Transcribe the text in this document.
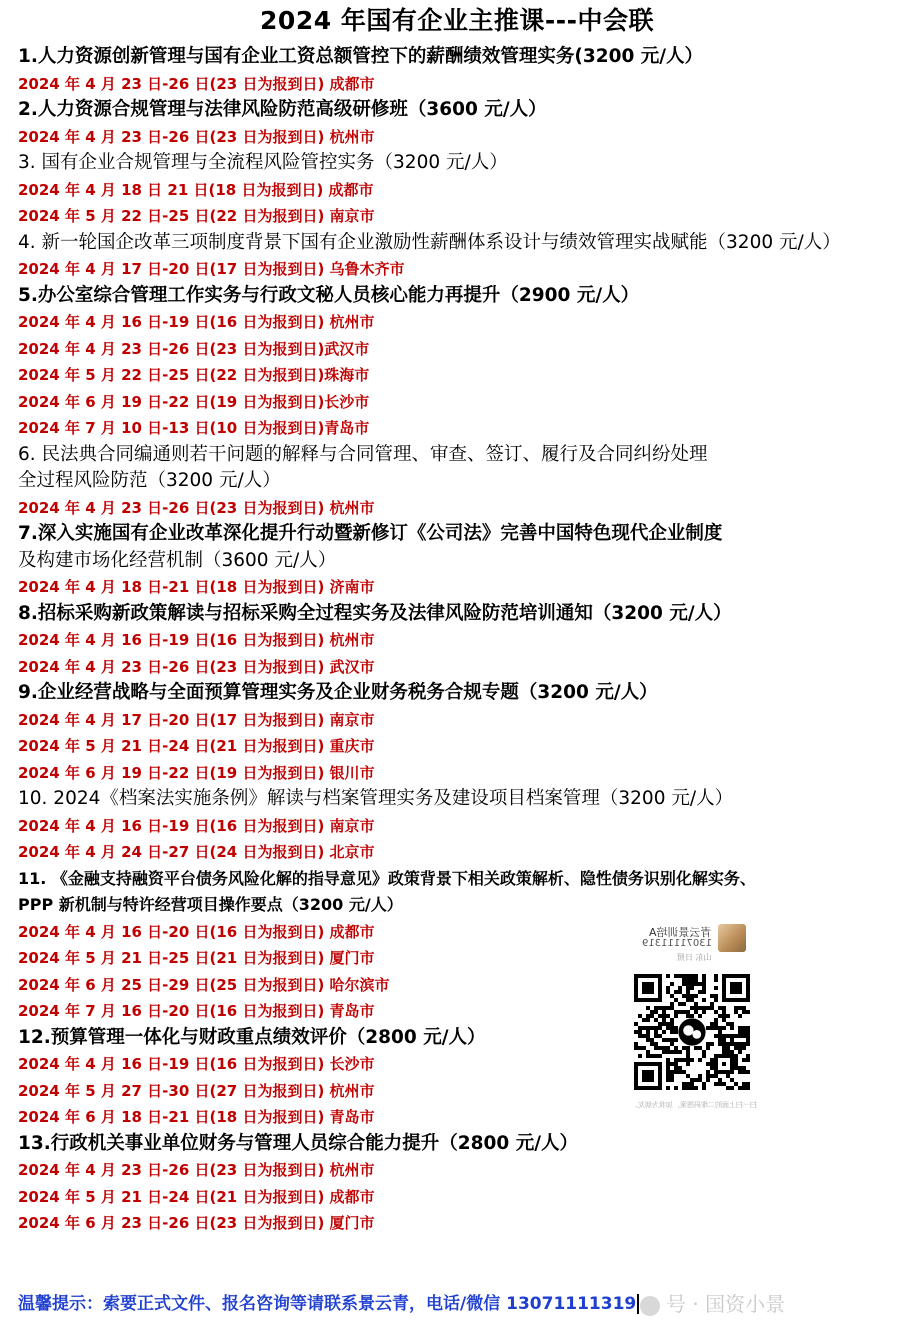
2024 年国有企业主推课---中会联
1.人力资源创新管理与国有企业工资总额管控下的薪酬绩效管理实务(3200 元/人）
2024 年 4 月 23 日-26 日(23 日为报到日) 成都市
2.人力资源合规管理与法律风险防范高级研修班（3600 元/人）
2024 年 4 月 23 日-26 日(23 日为报到日) 杭州市
3. 国有企业合规管理与全流程风险管控实务（3200 元/人）
2024 年 4 月 18 日 21 日(18 日为报到日) 成都市
2024 年 5 月 22 日-25 日(22 日为报到日) 南京市
4. 新一轮国企改革三项制度背景下国有企业激励性薪酬体系设计与绩效管理实战赋能（3200 元/人）
2024 年 4 月 17 日-20 日(17 日为报到日) 乌鲁木齐市
5.办公室综合管理工作实务与行政文秘人员核心能力再提升（2900 元/人）
2024 年 4 月 16 日-19 日(16 日为报到日) 杭州市
2024 年 4 月 23 日-26 日(23 日为报到日)武汉市
2024 年 5 月 22 日-25 日(22 日为报到日)珠海市
2024 年 6 月 19 日-22 日(19 日为报到日)长沙市
2024 年 7 月 10 日-13 日(10 日为报到日)青岛市
6. 民法典合同编通则若干问题的解释与合同管理、审查、签订、履行及合同纠纷处理
全过程风险防范（3200 元/人）
2024 年 4 月 23 日-26 日(23 日为报到日) 杭州市
7.深入实施国有企业改革深化提升行动暨新修订《公司法》完善中国特色现代企业制度
及构建市场化经营机制（3600 元/人）
2024 年 4 月 18 日-21 日(18 日为报到日) 济南市
8.招标采购新政策解读与招标采购全过程实务及法律风险防范培训通知（3200 元/人）
2024 年 4 月 16 日-19 日(16 日为报到日) 杭州市
2024 年 4 月 23 日-26 日(23 日为报到日) 武汉市
9.企业经营战略与全面预算管理实务及企业财务税务合规专题（3200 元/人）
2024 年 4 月 17 日-20 日(17 日为报到日) 南京市
2024 年 5 月 21 日-24 日(21 日为报到日) 重庆市
2024 年 6 月 19 日-22 日(19 日为报到日) 银川市
10. 2024《档案法实施条例》解读与档案管理实务及建设项目档案管理（3200 元/人）
2024 年 4 月 16 日-19 日(16 日为报到日) 南京市
2024 年 4 月 24 日-27 日(24 日为报到日) 北京市
11. 《金融支持融资平台债务风险化解的指导意见》政策背景下相关政策解析、隐性债务识别化解实务、
PPP 新机制与特许经营项目操作要点（3200 元/人）
2024 年 4 月 16 日-20 日(16 日为报到日) 成都市
2024 年 5 月 21 日-25 日(21 日为报到日) 厦门市
2024 年 6 月 25 日-29 日(25 日为报到日) 哈尔滨市
2024 年 7 月 16 日-20 日(16 日为报到日) 青岛市
12.预算管理一体化与财政重点绩效评价（2800 元/人）
2024 年 4 月 16 日-19 日(16 日为报到日) 长沙市
2024 年 5 月 27 日-30 日(27 日为报到日) 杭州市
2024 年 6 月 18 日-21 日(18 日为报到日) 青岛市
13.行政机关事业单位财务与管理人员综合能力提升（2800 元/人）
2024 年 4 月 23 日-26 日(23 日为报到日) 杭州市
2024 年 5 月 21 日-24 日(21 日为报到日) 成都市
2024 年 6 月 23 日-26 日(23 日为报到日) 厦门市
青云景训培A
13071111319
山东 日照
扫一扫上面的二维码图案，加我为朋友。
温馨提示：索要正式文件、报名咨询等请联系景云青，电话/微信 13071111319	号 · 国资小景
